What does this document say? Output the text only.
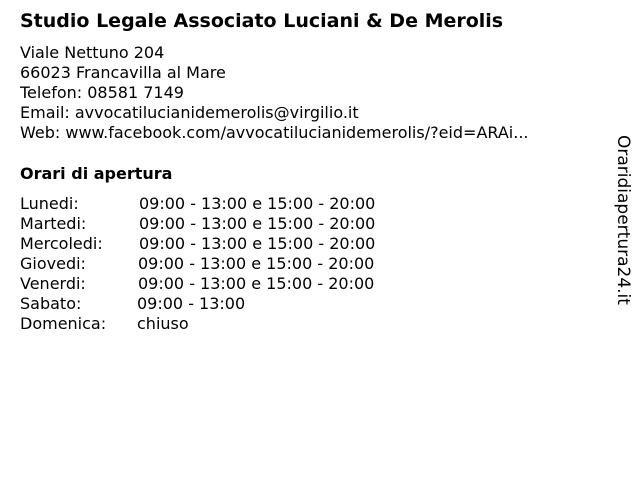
Studio Legale Associato Luciani & De Merolis
Viale Nettuno 204
66023 Francavilla al Mare
Telefon: 08581 7149
Email: avvocatilucianidemerolis@virgilio.it
Web: www.facebook.com/avvocatilucianidemerolis/?eid=ARAi...
Orari di apertura
Lunedi:	09:00 - 13:00 e 15:00 - 20:00
Martedi:	09:00 - 13:00 e 15:00 - 20:00
Mercoledi:	09:00 - 13:00 e 15:00 - 20:00
Giovedi:	09:00 - 13:00 e 15:00 - 20:00
Venerdi:	09:00 - 13:00 e 15:00 - 20:00
Sabato:	09:00 - 13:00
Domenica:	chiuso
Oraridiapertura24.it
